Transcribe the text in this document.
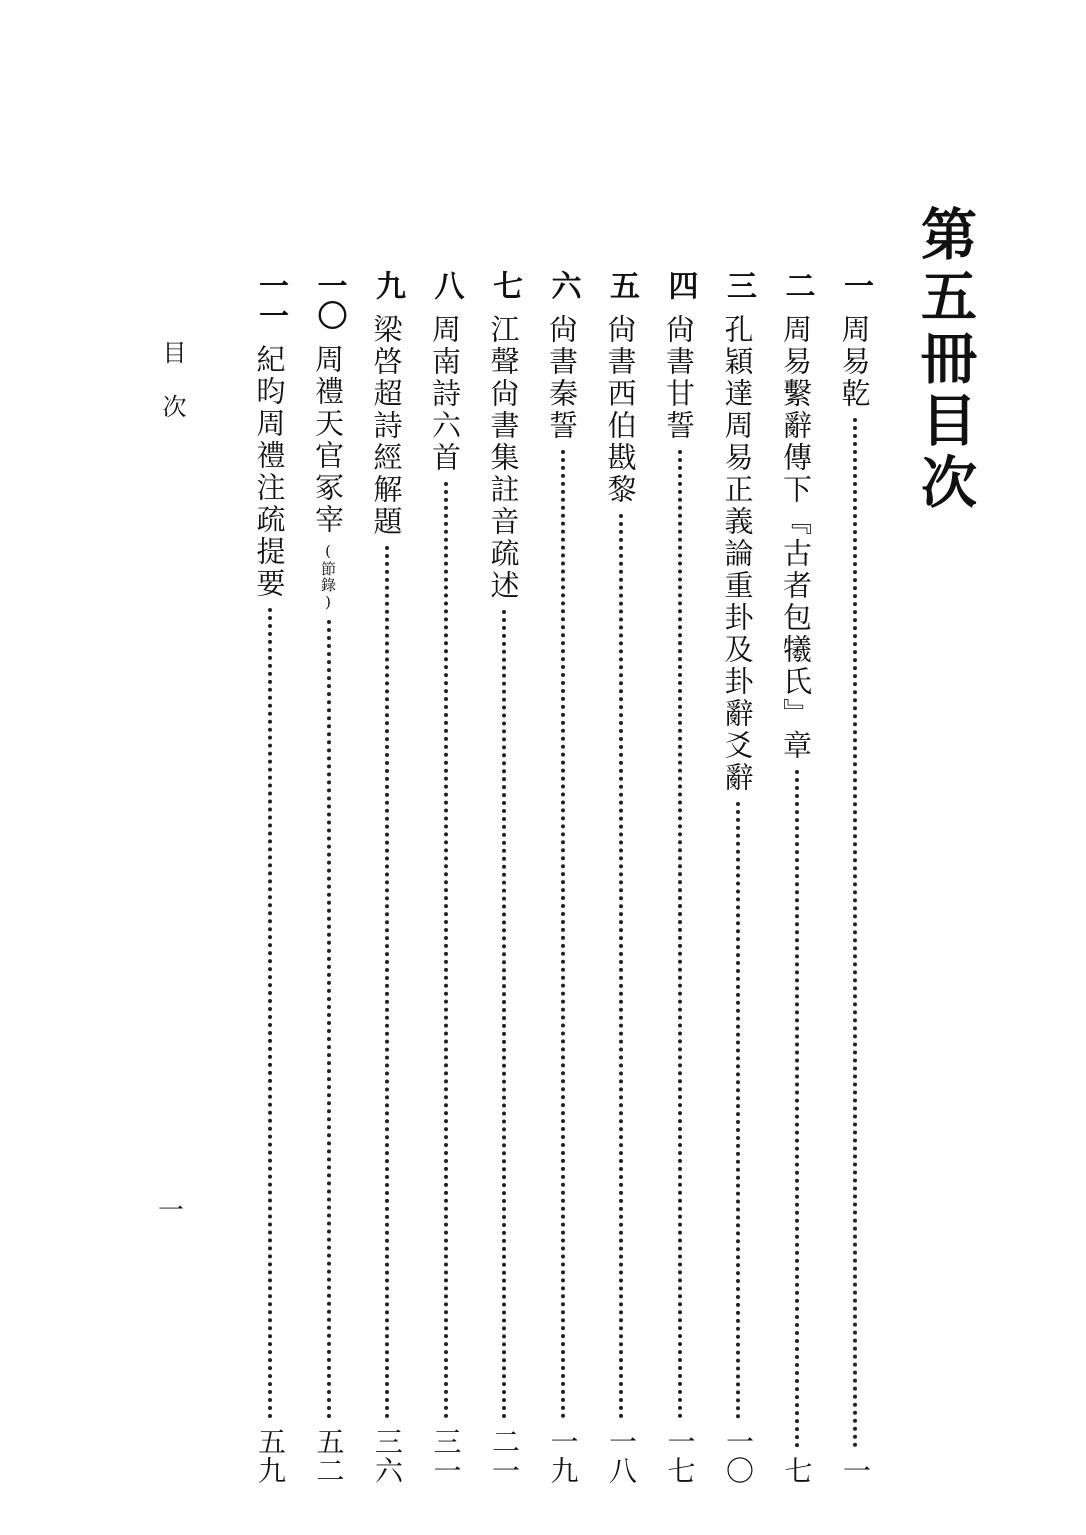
第五冊目次
一
周易乾
一
二
周易繫辭傳下『古者包犧氏』章
七
三
孔穎達周易正義論重卦及卦辭爻辭
一〇
四
尙書甘誓
一七
五
尙書西伯戡黎
一八
六
尙書秦誓
一九
七
江聲尙書集註音疏述
二一
八
周南詩六首
三一
九
梁啓超詩經解題
三六
一〇
周禮天官冢宰
(節錄)
五二
一一
紀昀周禮注疏提要
五九
目次
一
